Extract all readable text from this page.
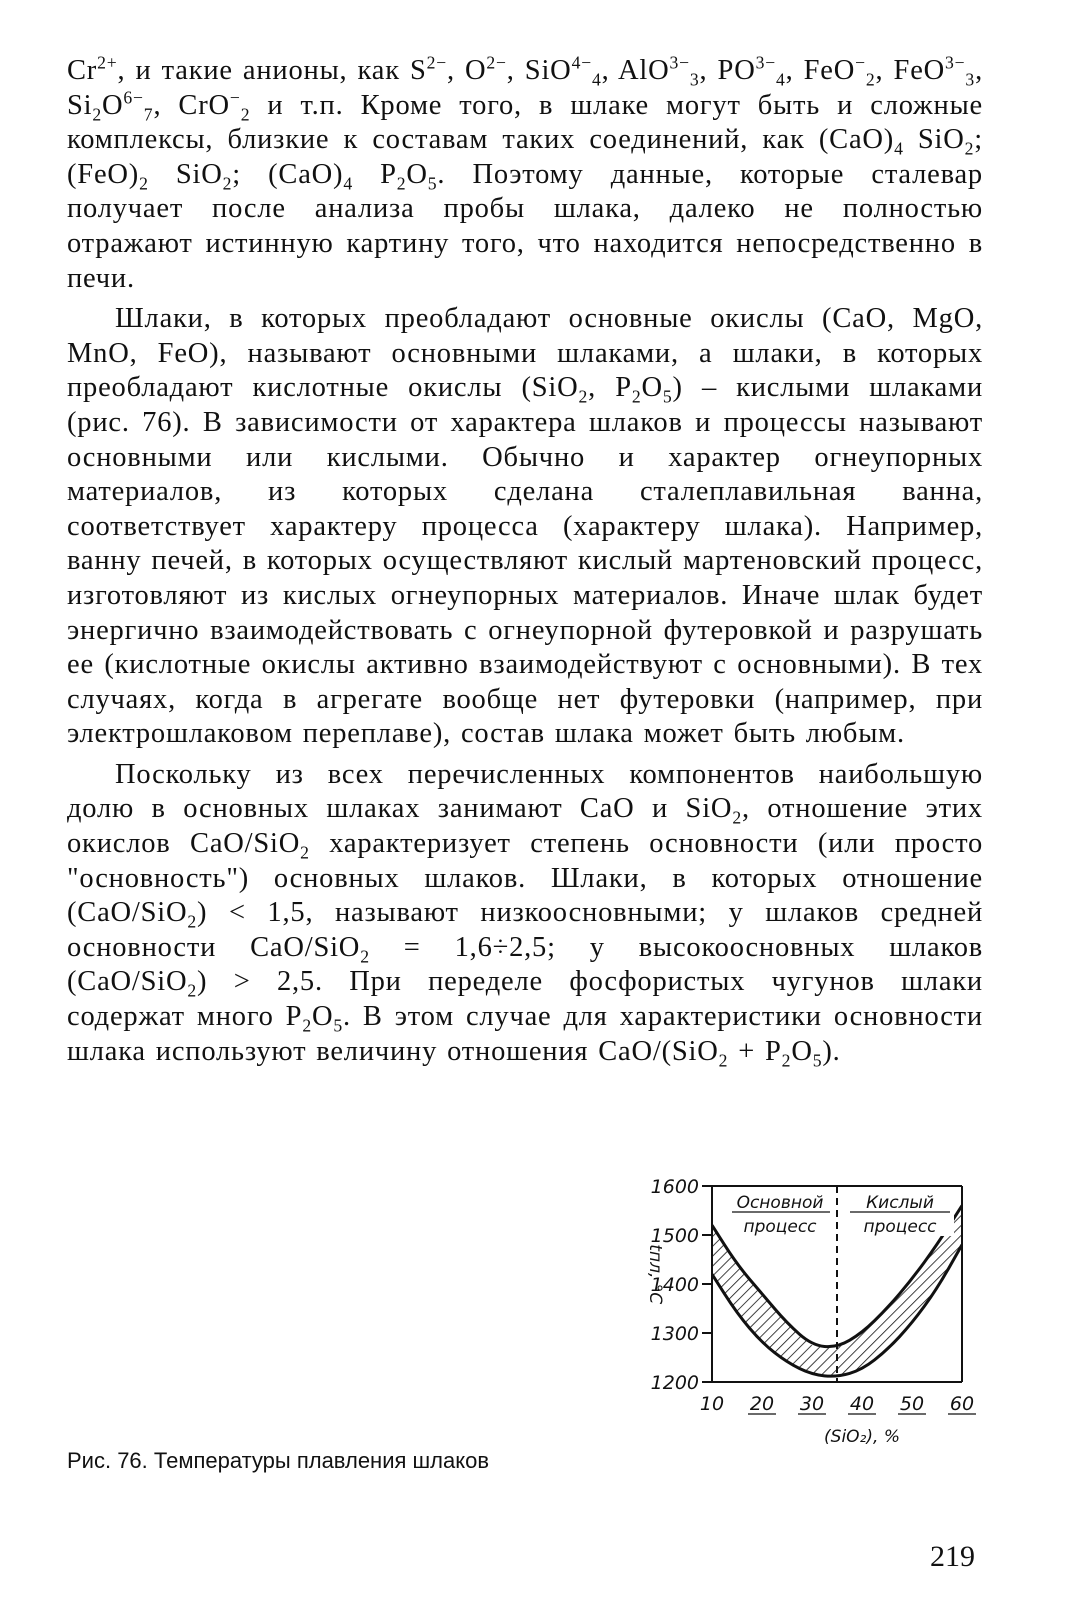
$Cr^{2+}$, и такие анионы, как $S^{2-}$, $O^{2-}$, SiO$^{4-}_4$, AlO$^{3-}_3$, $PO^{3-}_4$, FeO−$_2$, FeO$^{3-}_3$, $Si_2O^{6-}_7$, CrO−$_2$ и т.п. Кроме того, в шлаке могут быть и сложные комплексы, близкие к составам таких соединений, как $(CaO)_4$ SiO$_2$; $(FeO)_2$ SiO$_2$; $(CaO)_4$ $P_2O_5$. Поэтому данные, которые сталевар получает после анализа пробы шлака, далеко не полностью отражают истинную картину того, что находится непосредственно в печи.

Шлаки, в которых преобладают основные окислы (CaO, MgO, MnO, FeO), называют основными шлаками, а шлаки, в которых преобладают кислотные окислы (SiO$_2$, $P_2O_5$) – кислыми шлаками (рис. 76). В зависимости от характера шлаков и процессы называют основными или кислыми. Обычно и характер огнеупорных материалов, из которых сделана сталеплавильная ванна, соответствует характеру процесса (характеру шлака). Например, ванну печей, в которых осуществляют кислый мартеновский процесс, изготовляют из кислых огнеупорных материалов. Иначе шлак будет энергично взаимодействовать с огнеупорной футеровкой и разрушать ее (кислотные окислы активно взаимодействуют с основными). В тех случаях, когда в агрегате вообще нет футеровки (например, при электрошлаковом переплаве), состав шлака может быть любым.

Поскольку из всех перечисленных компонентов наибольшую долю в основных шлаках занимают CaO и SiO$_2$, отношение этих окислов CaO/SiO$_2$ характеризует степень основности (или просто "основность") основных шлаков. Шлаки, в которых отношение (CaO/SiO$_2$) < 1,5, называют низкоосновными; у шлаков средней основности CaO/SiO$_2$ = 1,6÷2,5; у высокоосновных шлаков (CaO/SiO$_2$) > 2,5. При переделе фосфористых чугунов шлаки содержат много $P_2O_5$. В этом случае для характеристики основности шлака используют величину отношения $CaO/(SiO_2 + P_2O_5)$.

1200
1300
1400
1500
1600
10 20 30 40 50 60
(SiO₂), %
tпл, °C
Основной
процесс
Кислый
процесс
Рис. 76. Температуры плавления шлаков
219
